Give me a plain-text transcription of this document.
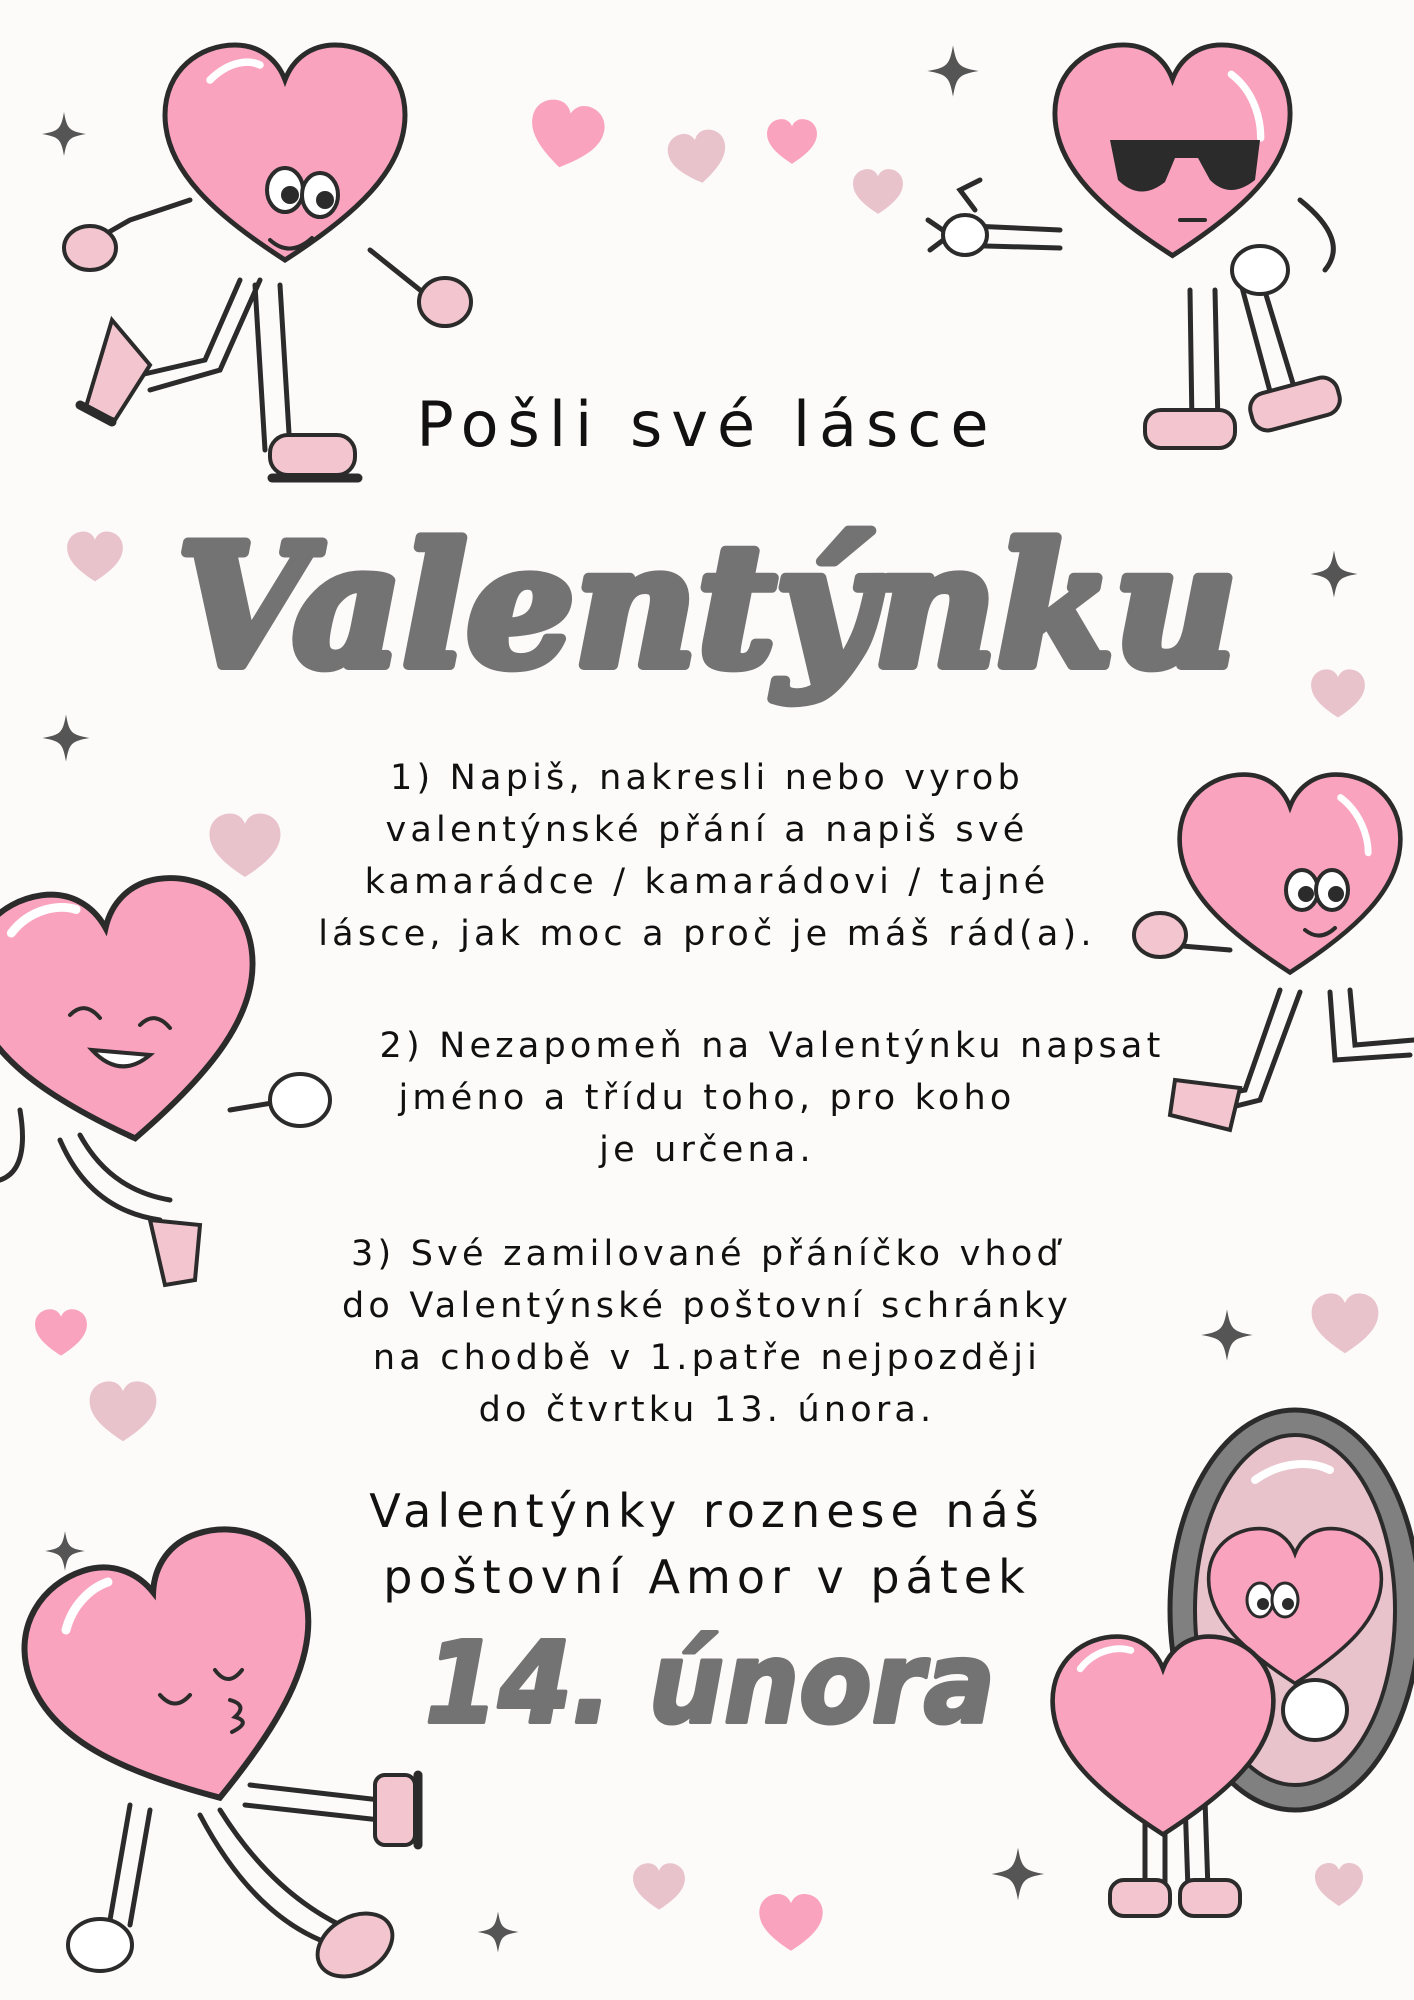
Pošli své lásce
Valentýnku
1) Napiš, nakresli nebo vyrob
valentýnské přání a napiš své
kamarádce / kamarádovi / tajné
lásce, jak moc a proč je máš rád(a).
2) Nezapomeň na Valentýnku napsat
jméno a třídu toho, pro koho
je určena.
3) Své zamilované přáníčko vhoď
do Valentýnské poštovní schránky
na chodbě v 1.patře nejpozději
do čtvrtku 13. února.
Valentýnky roznese náš
poštovní Amor v pátek
14. února
